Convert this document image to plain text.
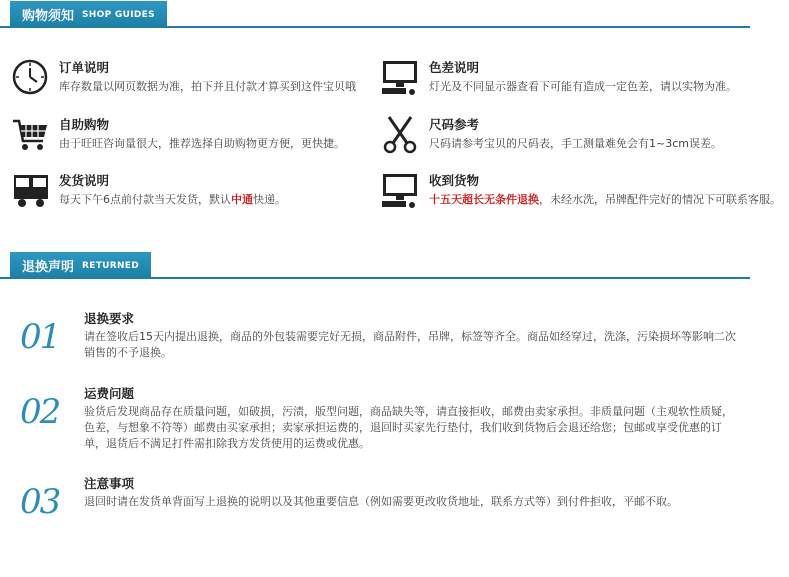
购物须知 SHOP GUIDES
订单说明
库存数量以网页数据为准，拍下并且付款才算买到这件宝贝哦
色差说明
灯光及不同显示器查看下可能有造成一定色差，请以实物为准。
自助购物
由于旺旺咨询量很大，推荐选择自助购物更方便，更快捷。
尺码参考
尺码请参考宝贝的尺码表，手工测量难免会有1~3cm误差。
发货说明
每天下午6点前付款当天发货，默认中通快递。
收到货物
十五天超长无条件退换，未经水洗，吊牌配件完好的情况下可联系客服。
退换声明 RETURNED
01 退换要求
请在签收后15天内提出退换，商品的外包装需要完好无损，商品附件，吊牌，标签等齐全。商品如经穿过，洗涤，污染损坏等影响二次销售的不予退换。
02 运费问题
验货后发现商品存在质量问题，如破损，污渍，版型问题，商品缺失等，请直接拒收，邮费由卖家承担。非质量问题（主观软性质疑，色差，与想象不符等）邮费由买家承担；卖家承担运费的，退回时买家先行垫付，我们收到货物后会退还给您；包邮或享受优惠的订单，退货后不满足打件需扣除我方发货使用的运费或优惠。
03 注意事项
退回时请在发货单背面写上退换的说明以及其他重要信息（例如需要更改收货地址，联系方式等）到付件拒收，平邮不取。
